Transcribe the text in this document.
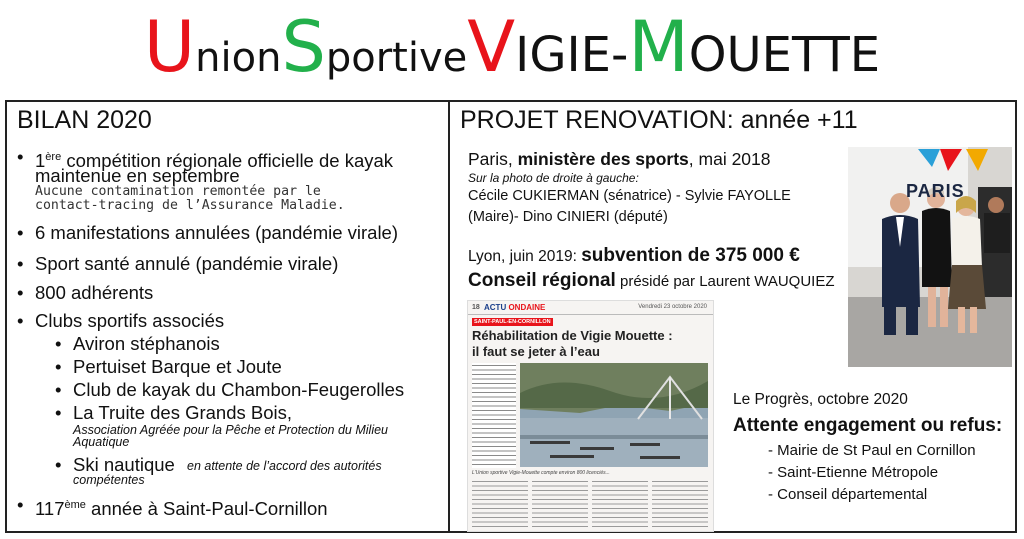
UnionSportiveVIGIE-MOUETTE
BILAN 2020
• 1ère compétition régionale officielle de kayak
maintenue en septembre
Aucune contamination remontée par le
contact-tracing de l’Assurance Maladie.
• 6 manifestations annulées (pandémie virale)
• Sport santé annulé (pandémie virale)
• 800 adhérents
• Clubs sportifs associés
• Aviron stéphanois
• Pertuiset Barque et Joute
• Club de kayak du Chambon-Feugerolles
• La Truite des Grands Bois,
Association Agréée pour la Pêche et Protection du Milieu
Aquatique
• Ski nautique en attente de l’accord des autorités
compétentes
• 117ème année à Saint-Paul-Cornillon
PROJET RENOVATION: année +11
Paris, ministère des sports, mai 2018
Sur la photo de droite à gauche:
Cécile CUKIERMAN (sénatrice) - Sylvie FAYOLLE
(Maire)- Dino CINIERI (député)
Lyon, juin 2019: subvention de 375 000 €
Conseil régional présidé par Laurent WAUQUIEZ
18 ACTU ONDAINE	Vendredi 23 octobre 2020
SAINT-PAUL-EN-CORNILLON
Réhabilitation de Vigie Mouette :
il faut se jeter à l’eau
L’Union sportive Vigie-Mouette compte environ 800 licenciés...
PARIS
Le Progrès, octobre 2020
Attente engagement ou refus:
- Mairie de St Paul en Cornillon
- Saint-Etienne Métropole
- Conseil départemental
